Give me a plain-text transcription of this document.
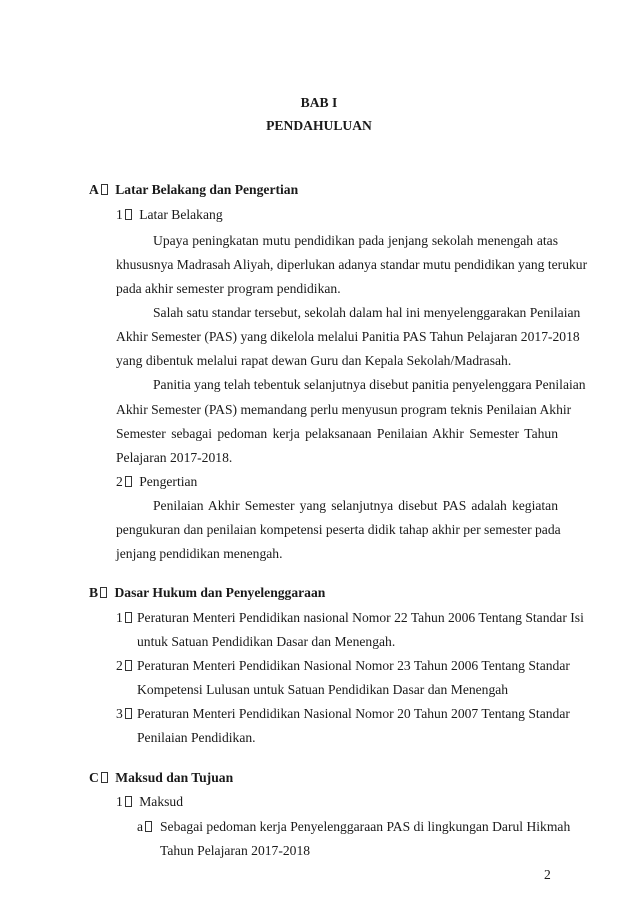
BAB I
PENDAHULUAN
A Latar Belakang dan Pengertian
1 Latar Belakang
Upaya peningkatan mutu pendidikan pada jenjang sekolah menengah atas
khususnya Madrasah Aliyah, diperlukan adanya standar mutu pendidikan yang terukur
pada akhir semester program pendidikan.
Salah satu standar tersebut, sekolah dalam hal ini menyelenggarakan Penilaian
Akhir Semester (PAS) yang dikelola melalui Panitia PAS Tahun Pelajaran 2017-2018
yang dibentuk melalui rapat dewan Guru dan Kepala Sekolah/Madrasah.
Panitia yang telah tebentuk selanjutnya disebut panitia penyelenggara Penilaian
Akhir Semester (PAS) memandang perlu menyusun program teknis Penilaian Akhir
Semester sebagai pedoman kerja pelaksanaan Penilaian Akhir Semester Tahun
Pelajaran 2017-2018.
2 Pengertian
Penilaian Akhir Semester yang selanjutnya disebut PAS adalah kegiatan
pengukuran dan penilaian kompetensi peserta didik tahap akhir per semester pada
jenjang pendidikan menengah.
B Dasar Hukum dan Penyelenggaraan
1	Peraturan Menteri Pendidikan nasional Nomor 22 Tahun 2006 Tentang Standar Isi
untuk Satuan Pendidikan Dasar dan Menengah.
2	Peraturan Menteri Pendidikan Nasional Nomor 23 Tahun 2006 Tentang Standar
Kompetensi Lulusan untuk Satuan Pendidikan Dasar dan Menengah
3	Peraturan Menteri Pendidikan Nasional Nomor 20 Tahun 2007 Tentang Standar
Penilaian Pendidikan.
C Maksud dan Tujuan
1 Maksud
a	Sebagai pedoman kerja Penyelenggaraan PAS di lingkungan Darul Hikmah
Tahun Pelajaran 2017-2018
2
